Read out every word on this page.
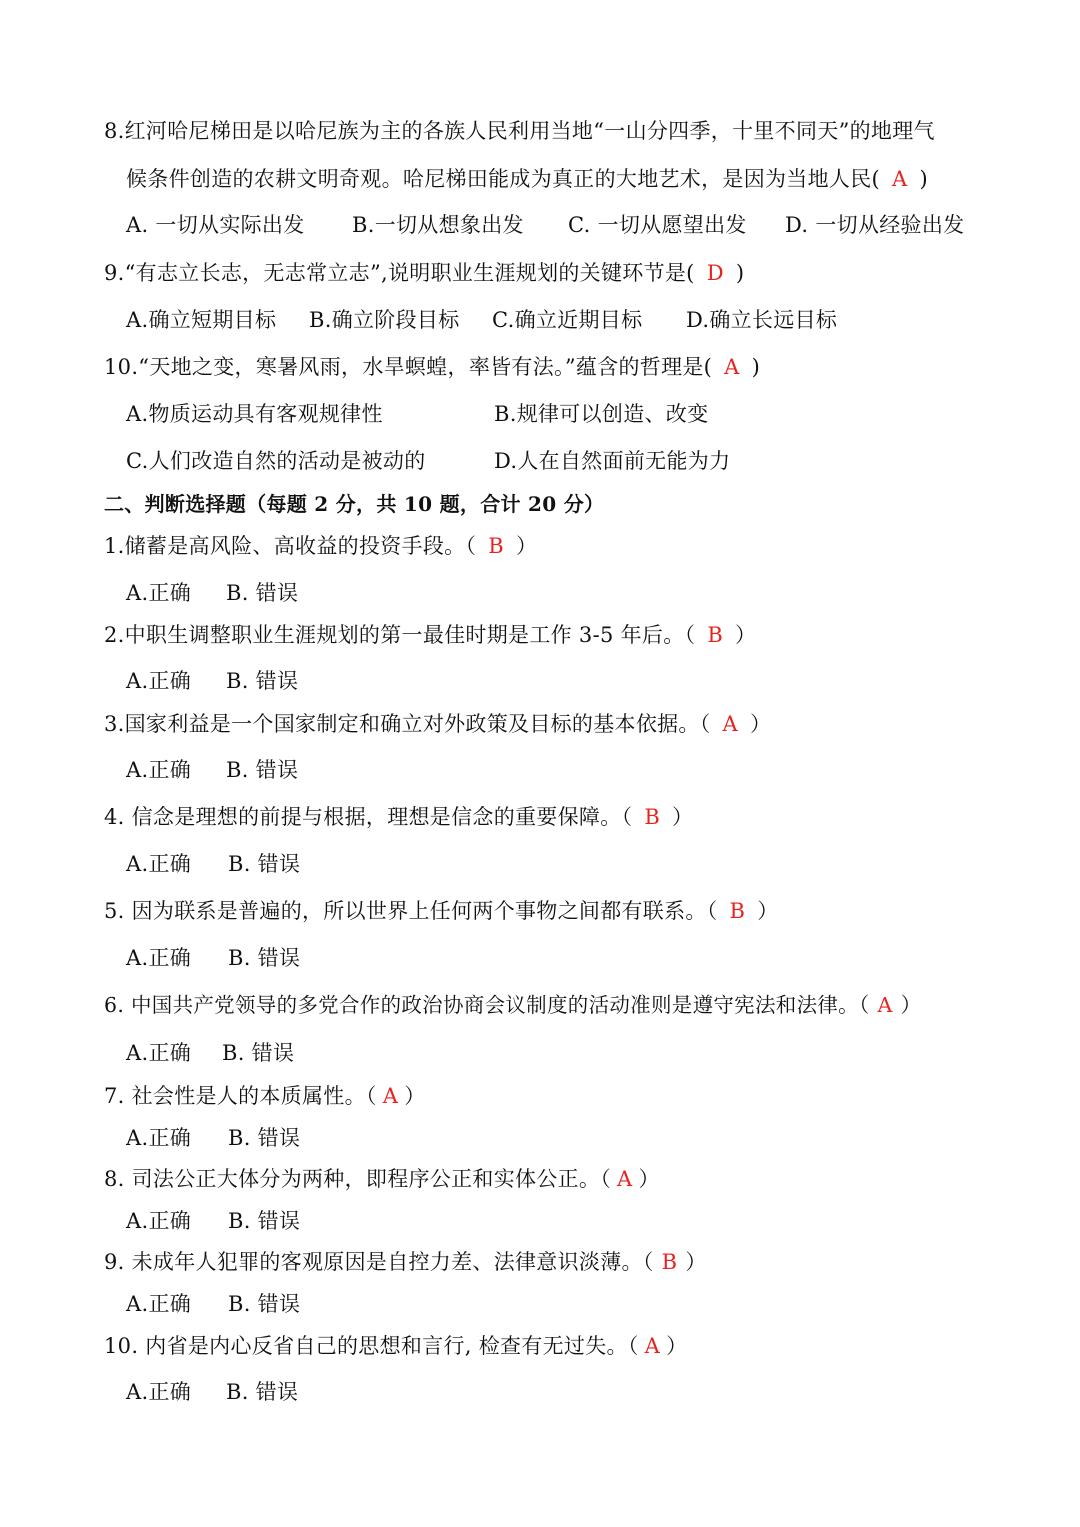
8.红河哈尼梯田是以哈尼族为主的各族人民利用当地“一山分四季，十里不同天”的地理气
候条件创造的农耕文明奇观。哈尼梯田能成为真正的大地艺术，是因为当地人民( A )
A. 一切从实际出发 B.一切从想象出发 C. 一切从愿望出发 D. 一切从经验出发
9.“有志立长志，无志常立志”,说明职业生涯规划的关键环节是( D )
A.确立短期目标 B.确立阶段目标 C.确立近期目标 D.确立长远目标
10.“天地之变，寒暑风雨，水旱螟蝗，率皆有法。”蕴含的哲理是( A )
A.物质运动具有客观规律性	B.规律可以创造、改变
C.人们改造自然的活动是被动的	D.人在自然面前无能为力
二、判断选择题（每题 2 分，共 10 题，合计 20 分）
1.储蓄是高风险、高收益的投资手段。（ B ）
A.正确 B. 错误
2.中职生调整职业生涯规划的第一最佳时期是工作 3-5 年后。（ B ）
A.正确 B. 错误
3.国家利益是一个国家制定和确立对外政策及目标的基本依据。（ A ）
A.正确 B. 错误
4. 信念是理想的前提与根据，理想是信念的重要保障。（ B ）
A.正确 B. 错误
5. 因为联系是普遍的，所以世界上任何两个事物之间都有联系。（ B ）
A.正确 B. 错误
6. 中国共产党领导的多党合作的政治协商会议制度的活动准则是遵守宪法和法律。（ A ）
A.正确 B. 错误
7. 社会性是人的本质属性。（ A ）
A.正确 B. 错误
8. 司法公正大体分为两种，即程序公正和实体公正。（ A ）
A.正确 B. 错误
9. 未成年人犯罪的客观原因是自控力差、法律意识淡薄。（ B ）
A.正确 B. 错误
10. 内省是内心反省自己的思想和言行, 检查有无过失。（ A ）
A.正确 B. 错误
